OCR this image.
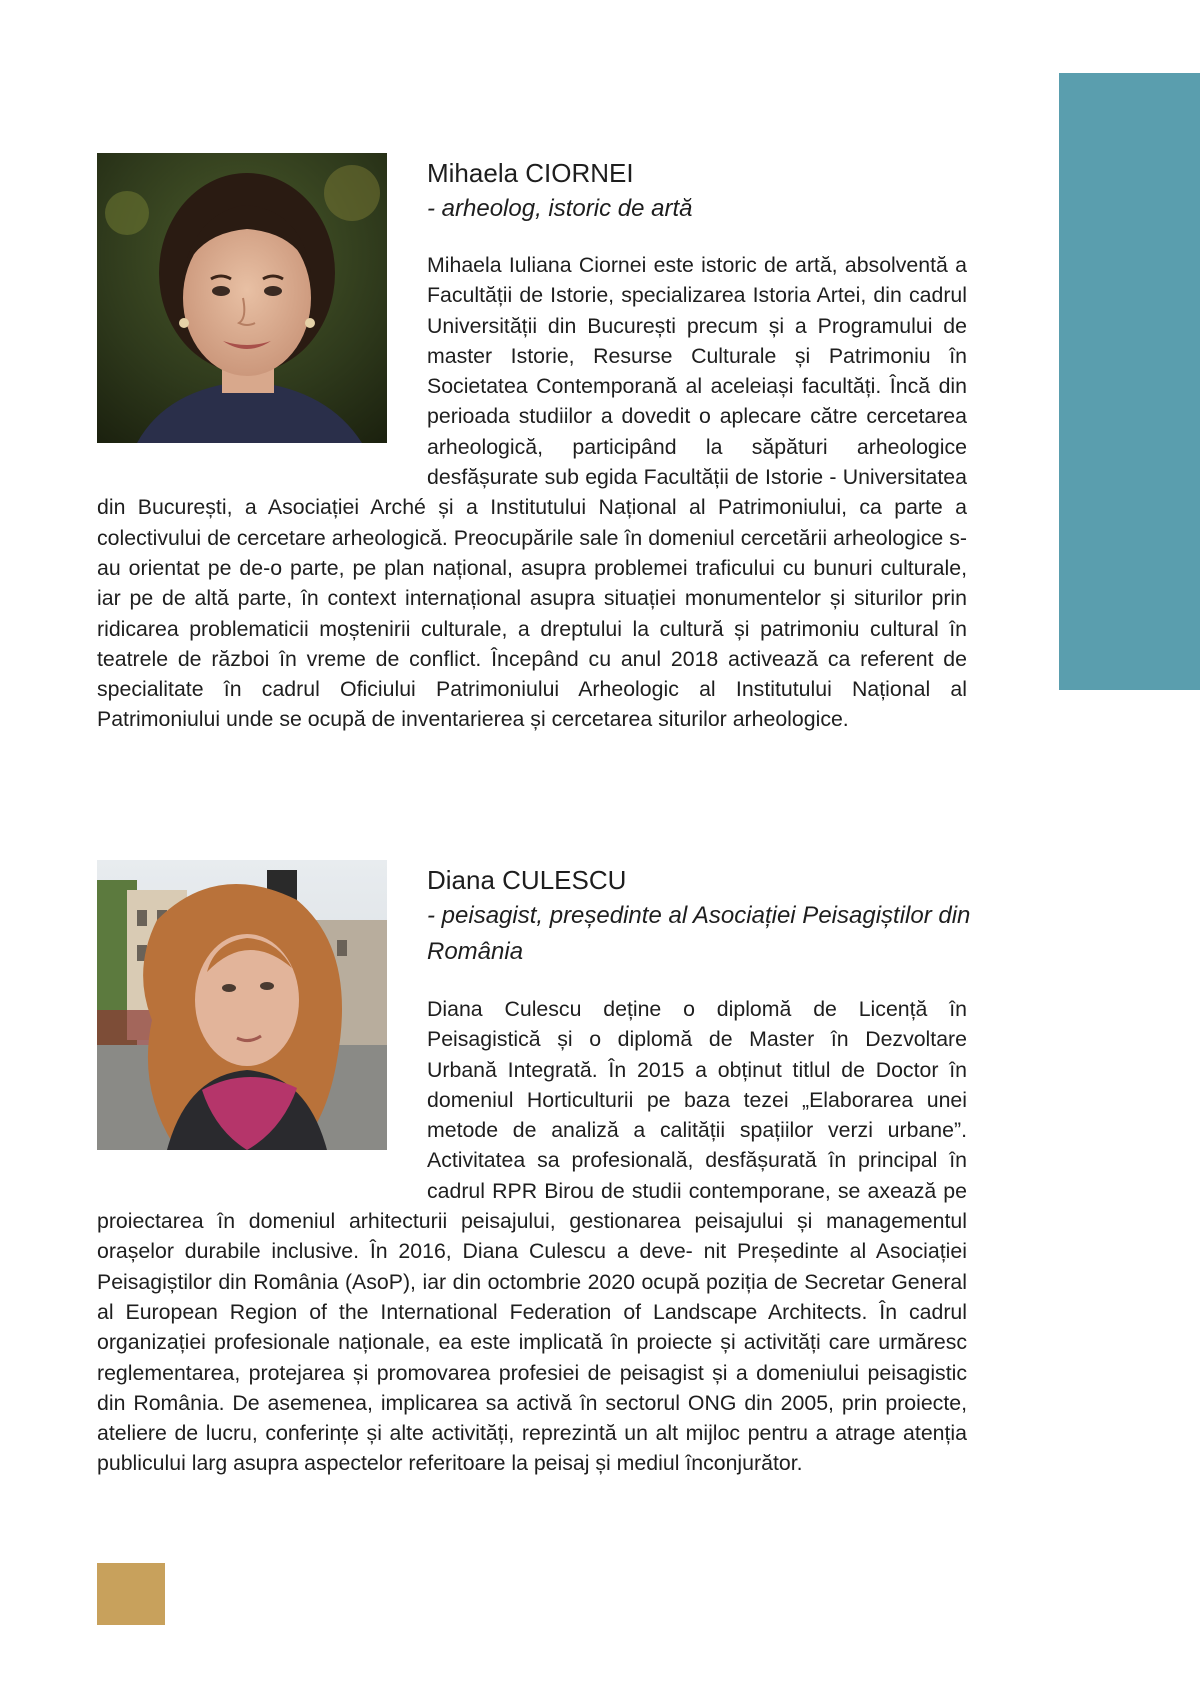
Mihaela CIORNEI

- arheolog, istoric de artă

Mihaela Iuliana Ciornei este istoric de artă, absolventă a Facultății de Istorie, specializarea Istoria Artei, din cadrul Universității din București precum și a Programului de master Istorie, Resurse Culturale și Patrimoniu în Societatea Contemporană al aceleiași facultăți. Încă din perioada studiilor a dovedit o aplecare către cercetarea arheologică, participând la săpături arheologice desfășurate sub egida Facultății de Istorie - Universitatea din București, a Asociației Arché și a Institutului Național al Patrimoniului, ca parte a colectivului de cercetare arheologică. Preocupările sale în domeniul cercetării arheologice s-au orientat pe de-o parte, pe plan național, asupra problemei traficului cu bunuri culturale, iar pe de altă parte, în context internațional asupra situației monumentelor și siturilor prin ridicarea problematicii moștenirii culturale, a dreptului la cultură și patrimoniu cultural în teatrele de război în vreme de conflict. Începând cu anul 2018 activează ca referent de specialitate în cadrul Oficiului Patrimoniului Arheologic al Institutului Național al Patrimoniului unde se ocupă de inventarierea și cercetarea siturilor arheologice.

Diana CULESCU

- peisagist, președinte al Asociației Peisagiștilor din România

Diana Culescu deține o diplomă de Licență în Peisagistică și o diplomă de Master în Dezvoltare Urbană Integrată. În 2015 a obținut titlul de Doctor în domeniul Horticulturii pe baza tezei „Elaborarea unei metode de analiză a calității spațiilor verzi urbane”. Activitatea sa profesională, desfășurată în principal în cadrul RPR Birou de studii contemporane, se axează pe proiectarea în domeniul arhitecturii peisajului, gestionarea peisajului și managementul orașelor durabile inclusive. În 2016, Diana Culescu a deve- nit Președinte al Asociației Peisagiștilor din România (AsoP), iar din octombrie 2020 ocupă poziția de Secretar General al European Region of the International Federation of Landscape Architects. În cadrul organizației profesionale naționale, ea este implicată în proiecte și activități care urmăresc reglementarea, protejarea și promovarea profesiei de peisagist și a domeniului peisagistic din România. De asemenea, implicarea sa activă în sectorul ONG din 2005, prin proiecte, ateliere de lucru, conferințe și alte activități, reprezintă un alt mijloc pentru a atrage atenția publicului larg asupra aspectelor referitoare la peisaj și mediul înconjurător.
